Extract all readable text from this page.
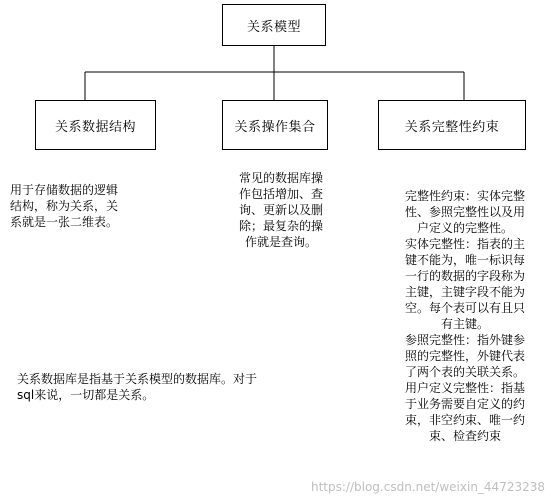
关系模型
关系数据结构	关系操作集合	关系完整性约束
用于存储数据的逻辑
结构，称为关系，关
系就是一张二维表。
常见的数据库操
作包括增加、查
询、更新以及删
除；最复杂的操
作就是查询。
完整性约束：实体完整
性、参照完整性以及用
户定义的完整性。
实体完整性：指表的主
键不能为，唯一标识每
一行的数据的字段称为
主键，主键字段不能为
空。每个表可以有且只
有主键。
参照完整性：指外键参
照的完整性，外键代表
了两个表的关联关系。
用户定义完整性：指基
于业务需要自定义的约
束，非空约束、唯一约
束、检查约束
关系数据库是指基于关系模型的数据库。对于
sql来说，一切都是关系。
https://blog.csdn.net/weixin_44723238
